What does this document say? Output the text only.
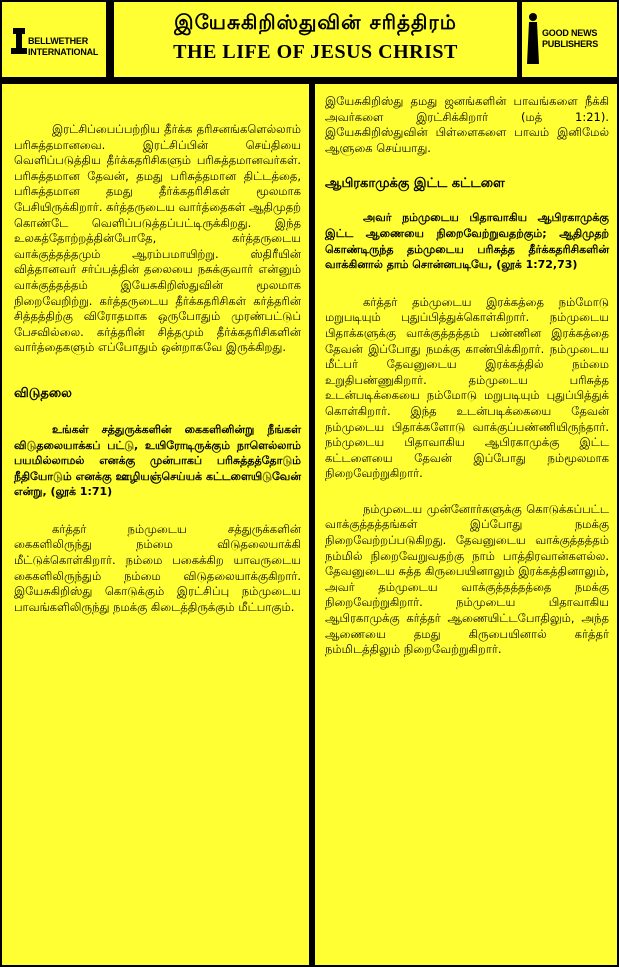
BELLWETHER
INTERNATIONAL
இயேசுகிறிஸ்துவின் சரித்திரம்
THE LIFE OF JESUS CHRIST
GOOD NEWS
PUBLISHERS

இரட்சிப்பைப்பற்றிய தீர்க்க தரிசனங்களெல்லாம் பரிசுத்தமானவை. இரட்சிப்பின் செய்தியை வெளிப்படுத்திய தீர்க்கதரிசிகளும் பரிசுத்தமானவர்கள். பரிசுத்தமான தேவன், தமது பரிசுத்தமான திட்டத்தை, பரிசுத்தமான தமது தீர்க்கதரிசிகள் மூலமாக பேசியிருக்கிறார். கர்த்தருடைய வார்த்தைகள் ஆதிமுதற் கொண்டே வெளிப்படுத்தப்பட்டிருக்கிறது. இந்த உலகத்தோற்றத்தின்போதே, கர்த்தருடைய வாக்குத்தத்தமும் ஆரம்பமாயிற்று. ஸ்திரீயின் வித்தானவர் சர்ப்பத்தின் தலையை நசுக்குவார் என்னும் வாக்குத்தத்தம் இயேசுகிறிஸ்துவின் மூலமாக நிறைவேறிற்று. கர்த்தருடைய தீர்க்கதரிசிகள் கர்த்தரின் சித்தத்திற்கு விரோதமாக ஒருபோதும் முரண்பட்டுப் பேசவில்லை. கர்த்தரின் சித்தமும் தீர்க்கதரிசிகளின் வார்த்தைகளும் எப்போதும் ஒன்றாகவே இருக்கிறது.

விடுதலை

உங்கள் சத்துருக்களின் கைகளினின்று நீங்கள் விடுதலையாக்கப் பட்டு, உயிரோடிருக்கும் நாளெல்லாம் பயமில்லாமல் எனக்கு முன்பாகப் பரிசுத்தத்தோடும் நீதியோடும் எனக்கு ஊழியஞ்செய்யக் கட்டளையிடுவேன் என்று, (லூக் 1:71)

கர்த்தர் நம்முடைய சத்துருக்களின் கைகளிலிருந்து நம்மை விடுதலையாக்கி மீட்டுக்கொள்கிறார். நம்மை பகைக்கிற யாவருடைய கைகளிலிருந்தும் நம்மை விடுதலையாக்குகிறார். இயேசுகிறிஸ்து கொடுக்கும் இரட்சிப்பு நம்முடைய பாவங்களிலிருந்து நமக்கு கிடைத்திருக்கும் மீட்பாகும்.

இயேசுகிறிஸ்து தமது ஜனங்களின் பாவங்களை நீக்கி அவர்களை இரட்சிக்கிறார் (மத் 1:21). இயேசுகிறிஸ்துவின் பிள்ளைகளை பாவம் இனிமேல் ஆளுகை செய்யாது.

ஆபிரகாமுக்கு இட்ட கட்டளை

அவர் நம்முடைய பிதாவாகிய ஆபிரகாமுக்கு இட்ட ஆணையை நிறைவேற்றுவதற்கும்; ஆதிமுதற் கொண்டிருந்த தம்முடைய பரிசுத்த தீர்க்கதரிசிகளின் வாக்கினால் தாம் சொன்னபடியே, (லூக் 1:72,73)

கர்த்தர் தம்முடைய இரக்கத்தை நம்மோடு மறுபடியும் புதுப்பித்துக்கொள்கிறார். நம்முடைய பிதாக்களுக்கு வாக்குத்தத்தம் பண்ணின இரக்கத்தை தேவன் இப்போது நமக்கு காண்பிக்கிறார். நம்முடைய மீட்பர் தேவனுடைய இரக்கத்தில் நம்மை உறுதிபண்ணுகிறார். தம்முடைய பரிசுத்த உடன்படிக்கையை நம்மோடு மறுபடியும் புதுப்பித்துக் கொள்கிறார். இந்த உடன்படிக்கையை தேவன் நம்முடைய பிதாக்களோடு வாக்குப்பண்ணியிருந்தார். நம்முடைய பிதாவாகிய ஆபிரகாமுக்கு இட்ட கட்டளையை தேவன் இப்போது நம்மூலமாக நிறைவேற்றுகிறார்.

நம்முடைய முன்னோர்களுக்கு கொடுக்கப்பட்ட வாக்குத்தத்தங்கள் இப்போது நமக்கு நிறைவேற்றப்படுகிறது. தேவனுடைய வாக்குத்தத்தம் நம்மில் நிறைவேறுவதற்கு நாம் பாத்திரவான்களல்ல. தேவனுடைய சுத்த கிருபையினாலும் இரக்கத்தினாலும், அவர் தம்முடைய வாக்குத்தத்தத்தை நமக்கு நிறைவேற்றுகிறார். நம்முடைய பிதாவாகிய ஆபிரகாமுக்கு கர்த்தர் ஆணையிட்டபோதிலும், அந்த ஆணையை தமது கிருபையினால் கர்த்தர் நம்மிடத்திலும் நிறைவேற்றுகிறார்.
